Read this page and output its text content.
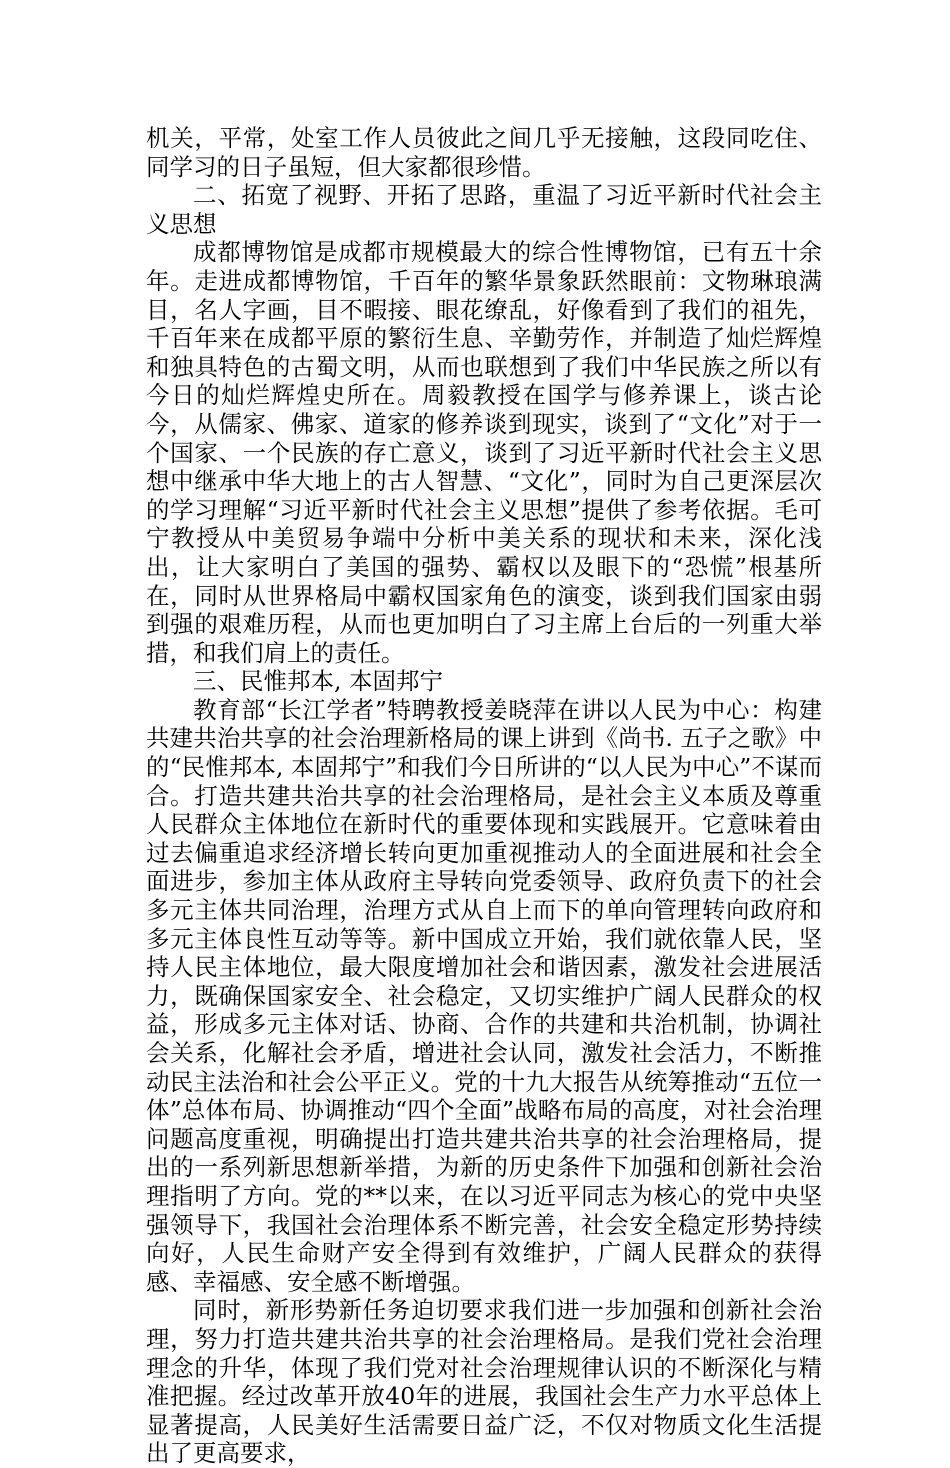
机关，平常，处室工作人员彼此之间几乎无接触，这段同吃住、同学习的日子虽短，但大家都很珍惜。

二、拓宽了视野、开拓了思路，重温了习近平新时代社会主义思想

成都博物馆是成都市规模最大的综合性博物馆，已有五十余年。走进成都博物馆，千百年的繁华景象跃然眼前：文物琳琅满目，名人字画，目不暇接、眼花缭乱，好像看到了我们的祖先，千百年来在成都平原的繁衍生息、辛勤劳作，并制造了灿烂辉煌和独具特色的古蜀文明，从而也联想到了我们中华民族之所以有今日的灿烂辉煌史所在。周毅教授在国学与修养课上，谈古论今，从儒家、佛家、道家的修养谈到现实，谈到了“文化”对于一个国家、一个民族的存亡意义，谈到了习近平新时代社会主义思想中继承中华大地上的古人智慧、“文化”，同时为自己更深层次的学习理解“习近平新时代社会主义思想”提供了参考依据。毛可宁教授从中美贸易争端中分析中美关系的现状和未来，深化浅出，让大家明白了美国的强势、霸权以及眼下的“恐慌”根基所在，同时从世界格局中霸权国家角色的演变，谈到我们国家由弱到强的艰难历程，从而也更加明白了习主席上台后的一列重大举措，和我们肩上的责任。

三、民惟邦本, 本固邦宁

教育部“长江学者”特聘教授姜晓萍在讲以人民为中心：构建共建共治共享的社会治理新格局的课上讲到《尚书. 五子之歌》中的“民惟邦本, 本固邦宁”和我们今日所讲的“以人民为中心”不谋而合。打造共建共治共享的社会治理格局，是社会主义本质及尊重人民群众主体地位在新时代的重要体现和实践展开。它意味着由过去偏重追求经济增长转向更加重视推动人的全面进展和社会全面进步，参加主体从政府主导转向党委领导、政府负责下的社会多元主体共同治理，治理方式从自上而下的单向管理转向政府和多元主体良性互动等等。新中国成立开始，我们就依靠人民，坚持人民主体地位，最大限度增加社会和谐因素，激发社会进展活力，既确保国家安全、社会稳定，又切实维护广阔人民群众的权益，形成多元主体对话、协商、合作的共建和共治机制，协调社会关系，化解社会矛盾，增进社会认同，激发社会活力，不断推动民主法治和社会公平正义。党的十九大报告从统筹推动“五位一体”总体布局、协调推动“四个全面”战略布局的高度，对社会治理问题高度重视，明确提出打造共建共治共享的社会治理格局，提出的一系列新思想新举措，为新的历史条件下加强和创新社会治理指明了方向。党的**以来，在以习近平同志为核心的党中央坚强领导下，我国社会治理体系不断完善，社会安全稳定形势持续向好，人民生命财产安全得到有效维护，广阔人民群众的获得感、幸福感、安全感不断增强。

同时，新形势新任务迫切要求我们进一步加强和创新社会治理，努力打造共建共治共享的社会治理格局。是我们党社会治理理念的升华，体现了我们党对社会治理规律认识的不断深化与精准把握。经过改革开放40年的进展，我国社会生产力水平总体上显著提高，人民美好生活需要日益广泛，不仅对物质文化生活提出了更高要求，
